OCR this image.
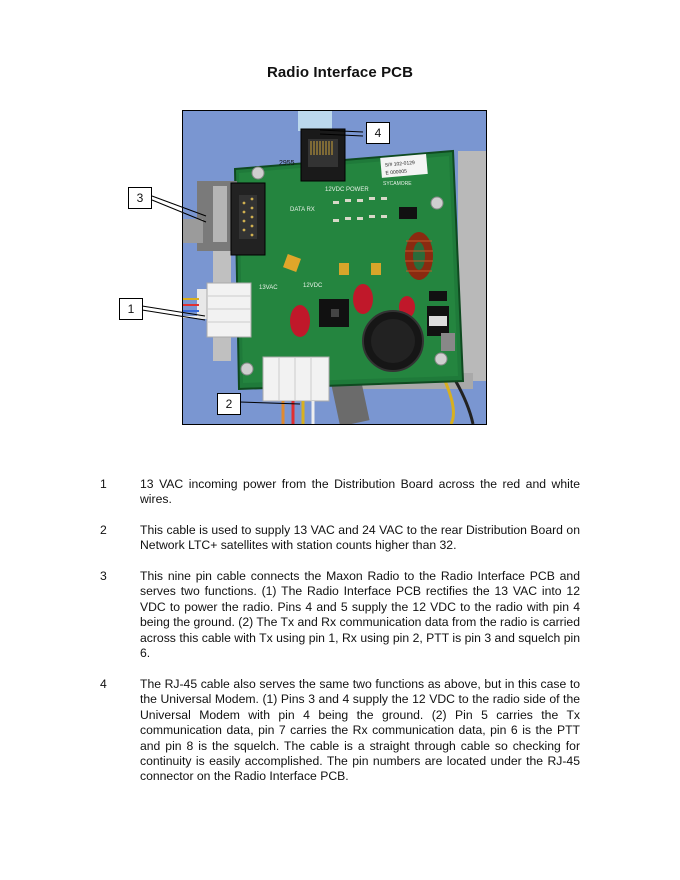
Radio Interface PCB
S/# 102-0129
E 000005
2955
SYCAMORE
DATA RX
12VDC POWER
13VAC	12VDC
4
3
1
2
1	13 VAC incoming power from the Distribution Board across the red and white wires.
2	This cable is used to supply 13 VAC and 24 VAC to the rear Distribution Board on Network LTC+ satellites with station counts higher than 32.
3	This nine pin cable connects the Maxon Radio to the Radio Interface PCB and serves two functions. (1) The Radio Interface PCB rectifies the 13 VAC into 12 VDC to power the radio. Pins 4 and 5 supply the 12 VDC to the radio with pin 4 being the ground. (2) The Tx and Rx communication data from the radio is carried across this cable with Tx using pin 1, Rx using pin 2, PTT is pin 3 and squelch pin 6.
4	The RJ-45 cable also serves the same two functions as above, but in this case to the Universal Modem. (1) Pins 3 and 4 supply the 12 VDC to the radio side of the Universal Modem with pin 4 being the ground. (2) Pin 5 carries the Tx communication data, pin 7 carries the Rx communication data, pin 6 is the PTT and pin 8 is the squelch. The cable is a straight through cable so checking for continuity is easily accomplished. The pin numbers are located under the RJ-45 connector on the Radio Interface PCB.
